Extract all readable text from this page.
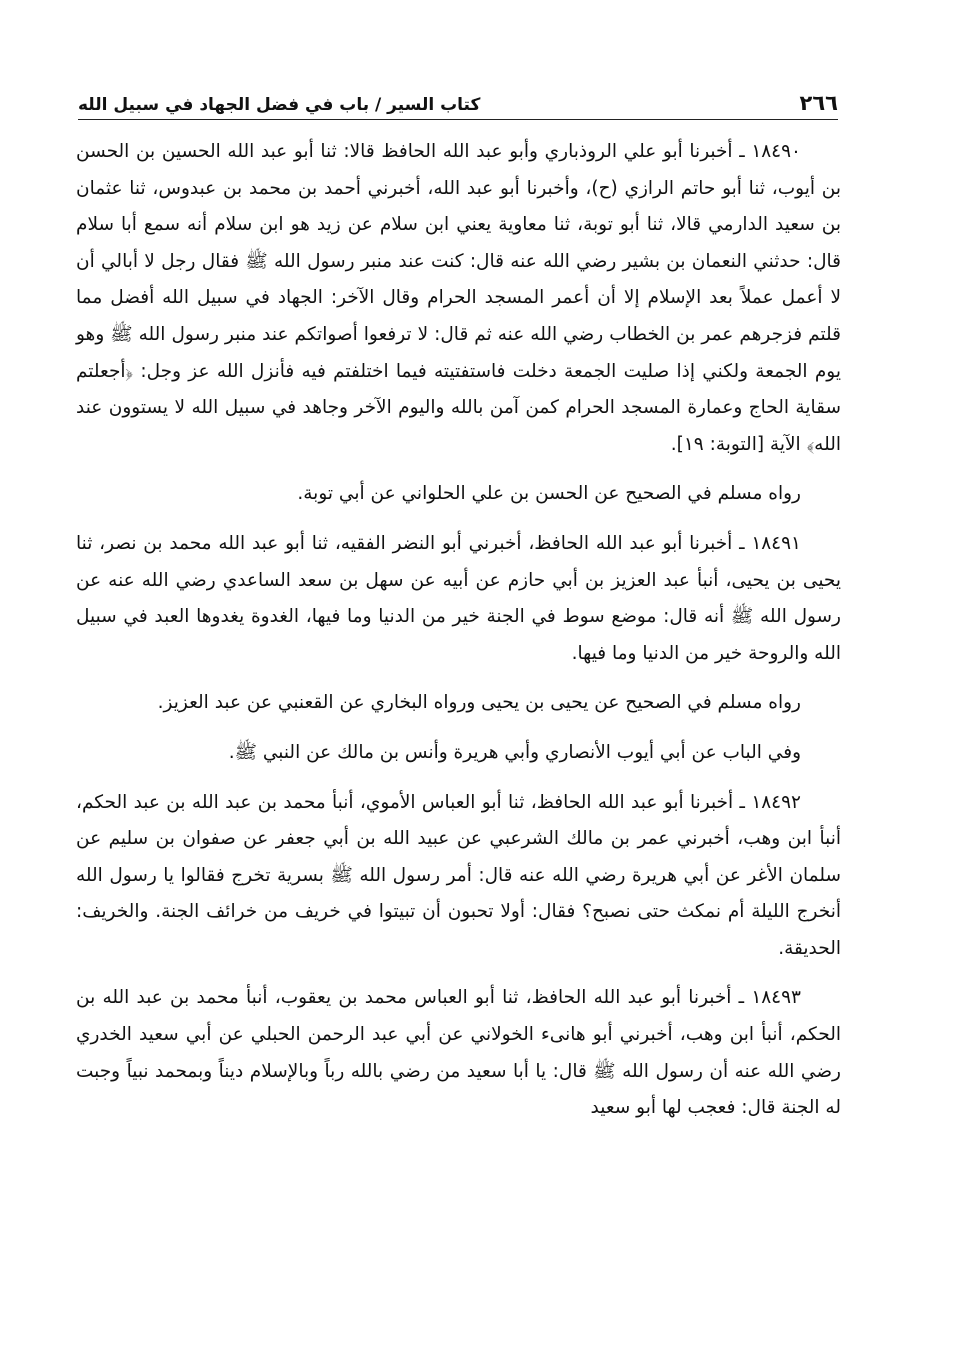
٢٦٦
كتاب السير / باب في فضل الجهاد في سبيل الله

١٨٤٩٠ ـ أخبرنا أبو علي الروذباري وأبو عبد الله الحافظ قالا: ثنا أبو عبد الله الحسين بن الحسن بن أيوب، ثنا أبو حاتم الرازي (ح)، وأخبرنا أبو عبد الله، أخبرني أحمد بن محمد بن عبدوس، ثنا عثمان بن سعيد الدارمي قالا، ثنا أبو توبة، ثنا معاوية يعني ابن سلام عن زيد هو ابن سلام أنه سمع أبا سلام قال: حدثني النعمان بن بشير رضي الله عنه قال: كنت عند منبر رسول الله ﷺ فقال رجل لا أبالي أن لا أعمل عملاً بعد الإسلام إلا أن أعمر المسجد الحرام وقال الآخر: الجهاد في سبيل الله أفضل مما قلتم فزجرهم عمر بن الخطاب رضي الله عنه ثم قال: لا ترفعوا أصواتكم عند منبر رسول الله ﷺ وهو يوم الجمعة ولكني إذا صليت الجمعة دخلت فاستفتيته فيما اختلفتم فيه فأنزل الله عز وجل: ﴿أجعلتم سقاية الحاج وعمارة المسجد الحرام كمن آمن بالله واليوم الآخر وجاهد في سبيل الله لا يستوون عند الله﴾ الآية [التوبة: ١٩].

رواه مسلم في الصحيح عن الحسن بن علي الحلواني عن أبي توبة.

١٨٤٩١ ـ أخبرنا أبو عبد الله الحافظ، أخبرني أبو النضر الفقيه، ثنا أبو عبد الله محمد بن نصر، ثنا يحيى بن يحيى، أنبأ عبد العزيز بن أبي حازم عن أبيه عن سهل بن سعد الساعدي رضي الله عنه عن رسول الله ﷺ أنه قال: موضع سوط في الجنة خير من الدنيا وما فيها، الغدوة يغدوها العبد في سبيل الله والروحة خير من الدنيا وما فيها.

رواه مسلم في الصحيح عن يحيى بن يحيى ورواه البخاري عن القعنبي عن عبد العزيز.

وفي الباب عن أبي أيوب الأنصاري وأبي هريرة وأنس بن مالك عن النبي ﷺ.

١٨٤٩٢ ـ أخبرنا أبو عبد الله الحافظ، ثنا أبو العباس الأموي، أنبأ محمد بن عبد الله بن عبد الحكم، أنبأ ابن وهب، أخبرني عمر بن مالك الشرعبي عن عبيد الله بن أبي جعفر عن صفوان بن سليم عن سلمان الأغر عن أبي هريرة رضي الله عنه قال: أمر رسول الله ﷺ بسرية تخرج فقالوا يا رسول الله أنخرج الليلة أم نمكث حتى نصبح؟ فقال: أولا تحبون أن تبيتوا في خريف من خرائف الجنة. والخريف: الحديقة.

١٨٤٩٣ ـ أخبرنا أبو عبد الله الحافظ، ثنا أبو العباس محمد بن يعقوب، أنبأ محمد بن عبد الله بن الحكم، أنبأ ابن وهب، أخبرني أبو هانىء الخولاني عن أبي عبد الرحمن الحبلي عن أبي سعيد الخدري رضي الله عنه أن رسول الله ﷺ قال: يا أبا سعيد من رضي بالله رباً وبالإسلام ديناً وبمحمد نبياً وجبت له الجنة قال: فعجب لها أبو سعيد
